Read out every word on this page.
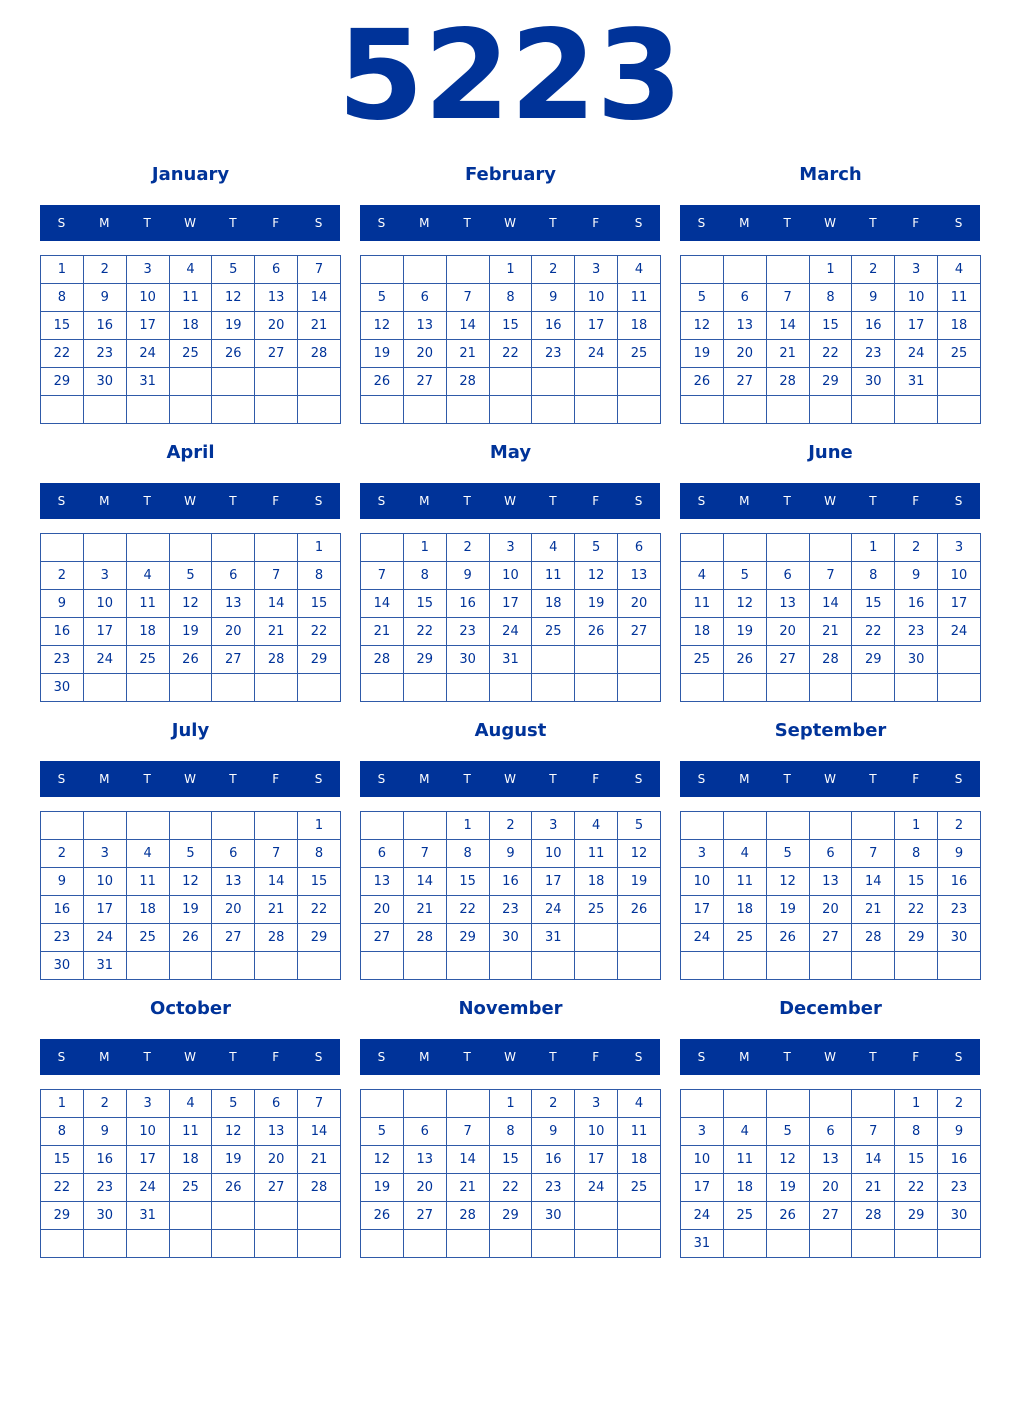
5223
January
S	M	T	W	T	F	S
1	2	3	4	5	6	7
8	9	10	11	12	13	14
15	16	17	18	19	20	21
22	23	24	25	26	27	28
29	30	31				

February
S	M	T	W	T	F	S
			1	2	3	4
5	6	7	8	9	10	11
12	13	14	15	16	17	18
19	20	21	22	23	24	25
26	27	28				

March
S	M	T	W	T	F	S
			1	2	3	4
5	6	7	8	9	10	11
12	13	14	15	16	17	18
19	20	21	22	23	24	25
26	27	28	29	30	31	

April
S	M	T	W	T	F	S
						1
2	3	4	5	6	7	8
9	10	11	12	13	14	15
16	17	18	19	20	21	22
23	24	25	26	27	28	29
30						
May
S	M	T	W	T	F	S
	1	2	3	4	5	6
7	8	9	10	11	12	13
14	15	16	17	18	19	20
21	22	23	24	25	26	27
28	29	30	31			

June
S	M	T	W	T	F	S
				1	2	3
4	5	6	7	8	9	10
11	12	13	14	15	16	17
18	19	20	21	22	23	24
25	26	27	28	29	30	

July
S	M	T	W	T	F	S
						1
2	3	4	5	6	7	8
9	10	11	12	13	14	15
16	17	18	19	20	21	22
23	24	25	26	27	28	29
30	31					
August
S	M	T	W	T	F	S
		1	2	3	4	5
6	7	8	9	10	11	12
13	14	15	16	17	18	19
20	21	22	23	24	25	26
27	28	29	30	31		

September
S	M	T	W	T	F	S
					1	2
3	4	5	6	7	8	9
10	11	12	13	14	15	16
17	18	19	20	21	22	23
24	25	26	27	28	29	30

October
S	M	T	W	T	F	S
1	2	3	4	5	6	7
8	9	10	11	12	13	14
15	16	17	18	19	20	21
22	23	24	25	26	27	28
29	30	31				

November
S	M	T	W	T	F	S
			1	2	3	4
5	6	7	8	9	10	11
12	13	14	15	16	17	18
19	20	21	22	23	24	25
26	27	28	29	30		

December
S	M	T	W	T	F	S
					1	2
3	4	5	6	7	8	9
10	11	12	13	14	15	16
17	18	19	20	21	22	23
24	25	26	27	28	29	30
31						
